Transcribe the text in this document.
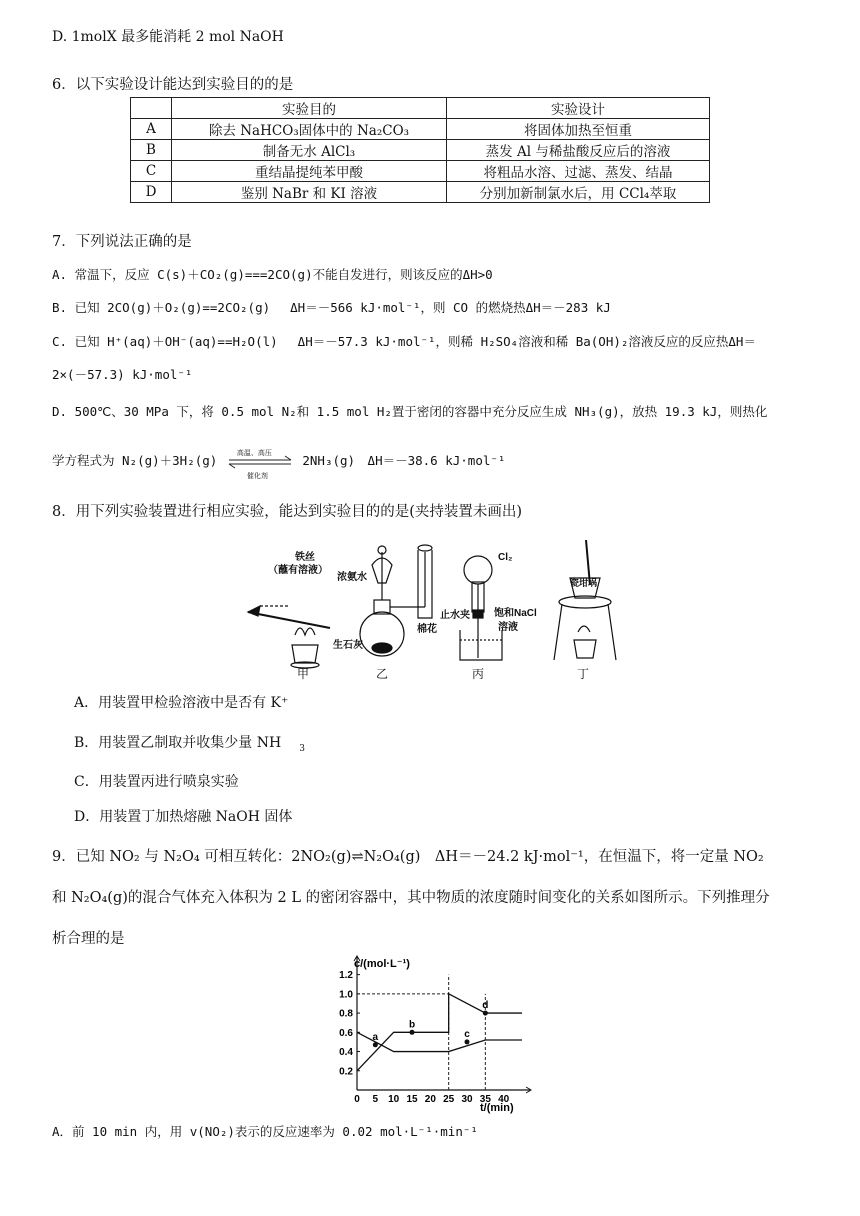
D. 1molX 最多能消耗 2 mol NaOH
6．以下实验设计能达到实验目的的是
	实验目的	实验设计
A	除去 NaHCO₃固体中的 Na₂CO₃	将固体加热至恒重
B	制备无水 AlCl₃	蒸发 Al 与稀盐酸反应后的溶液
C	重结晶提纯苯甲酸	将粗品水溶、过滤、蒸发、结晶
D	鉴别 NaBr 和 KI 溶液	分别加新制氯水后，用 CCl₄萃取
7．下列说法正确的是
A. 常温下，反应 C(s)＋CO₂(g)===2CO(g)不能自发进行，则该反应的ΔH>0
B. 已知 2CO(g)＋O₂(g)==2CO₂(g)　 ΔH＝－566 kJ·mol⁻¹，则 CO 的燃烧热ΔH＝－283 kJ
C. 已知 H⁺(aq)＋OH⁻(aq)==H₂O(l)　 ΔH＝－57.3 kJ·mol⁻¹，则稀 H₂SO₄溶液和稀 Ba(OH)₂溶液反应的反应热ΔH＝
2×(－57.3) kJ·mol⁻¹
D. 500℃、30 MPa 下，将 0.5 mol N₂和 1.5 mol H₂置于密闭的容器中充分反应生成 NH₃(g)，放热 19.3 kJ，则热化
学方程式为 N₂(g)＋3H₂(g)
高温、高压
催化剂
2NH₃(g)　ΔH＝－38.6 kJ·mol⁻¹
8．用下列实验装置进行相应实验，能达到实验目的的是(夹持装置未画出)
铁丝
（蘸有溶液）
浓氨水
生石灰
棉花
Cl₂
止水夹 饱和NaCl
溶液
瓷坩埚
甲	乙	丙	丁
A．用装置甲检验溶液中是否有 K⁺
B．用装置乙制取并收集少量 NH $_3$
C．用装置丙进行喷泉实验
D．用装置丁加热熔融 NaOH 固体
9．已知 NO₂ 与 N₂O₄ 可相互转化：2NO₂(g)⇌N₂O₄(g)　ΔH＝－24.2 kJ·mol⁻¹，在恒温下，将一定量 NO₂
和 N₂O₄(g)的混合气体充入体积为 2 L 的密闭容器中，其中物质的浓度随时间变化的关系如图所示。下列推理分
析合理的是
c/(mol·L⁻¹)
t/(min)
0 5 10 15 20 25 30 35 40
0.2
0.4
0.6
0.8
1.0
1.2
a
b
c
d
A．前 10 min 内，用 v(NO₂)表示的反应速率为 0.02 mol·L⁻¹·min⁻¹
